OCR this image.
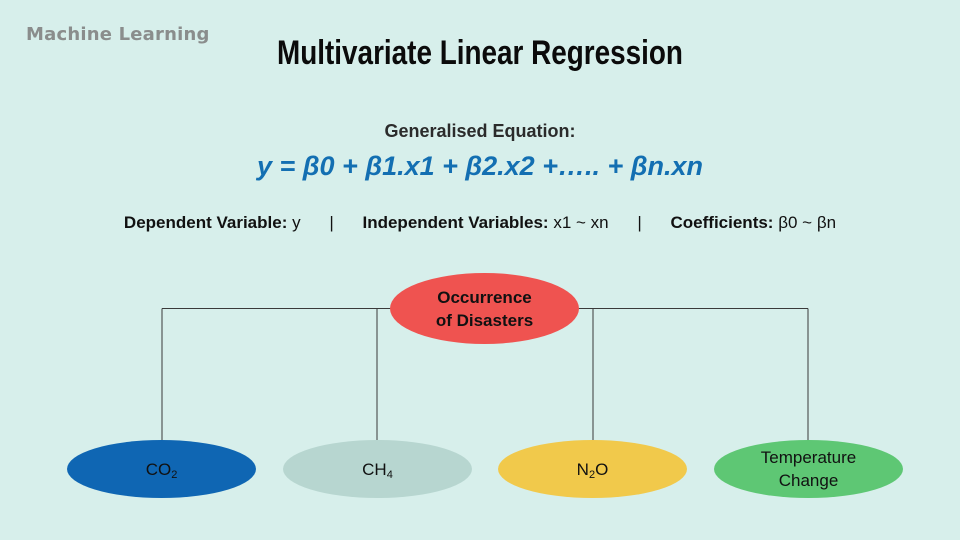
Machine Learning	Multivariate Linear Regression
Generalised Equation:
y = β0 + β1.x1 + β2.x2 +….. + βn.xn
Dependent Variable: y | Independent Variables: x1 ~ xn | Coefficients: β0 ~ βn
Occurrence
of Disasters
$CO_2$	$CH_4$	$N_2O$
Temperature
Change
